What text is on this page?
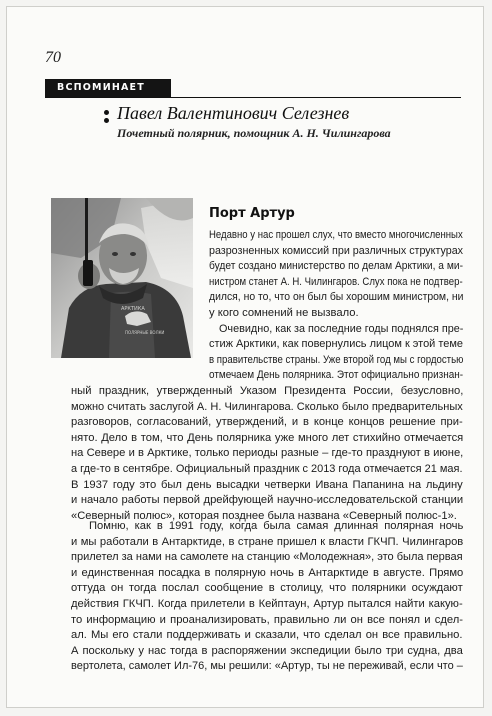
70
ВСПОМИНАЕТ
Павел Валентинович Селезнев
Почетный полярник, помощник А. Н. Чилингарова
АРКТИКА
ПОЛЯРНЫЕ ВОЛКИ
Порт Артур
Недавно у нас прошел слух, что вместо многочисленных
разрозненных комиссий при различных структурах
будет создано министерство по делам Арктики, а ми-
нистром станет А. Н. Чилингаров. Слух пока не подтвер-
дился, но то, что он был бы хорошим министром, ни
у кого сомнений не вызвало.
Очевидно, как за последние годы поднялся пре-
стиж Арктики, как повернулись лицом к этой теме
в правительстве страны. Уже второй год мы с гордостью
отмечаем День полярника. Этот официально признан-
ный праздник, утвержденный Указом Президента России, безусловно,
можно считать заслугой А. Н. Чилингарова. Сколько было предварительных
разговоров, согласований, утверждений, и в конце концов решение при-
нято. Дело в том, что День полярника уже много лет стихийно отмечается
на Севере и в Арктике, только периоды разные – где-то празднуют в июне,
а где-то в сентябре. Официальный праздник с 2013 года отмечается 21 мая.
В 1937 году это был день высадки четверки Ивана Папанина на льдину
и начало работы первой дрейфующей научно-исследовательской станции
«Северный полюс», которая позднее была названа «Северный полюс-1».
Помню, как в 1991 году, когда была самая длинная полярная ночь
и мы работали в Антарктиде, в стране пришел к власти ГКЧП. Чилингаров
прилетел за нами на самолете на станцию «Молодежная», это была первая
и единственная посадка в полярную ночь в Антарктиде в августе. Прямо
оттуда он тогда послал сообщение в столицу, что полярники осуждают
действия ГКЧП. Когда прилетели в Кейптаун, Артур пытался найти какую-
то информацию и проанализировать, правильно ли он все понял и сдел-
ал. Мы его стали поддерживать и сказали, что сделал он все правильно.
А поскольку у нас тогда в распоряжении экспедиции было три судна, два
вертолета, самолет Ил-76, мы решили: «Артур, ты не переживай, если что –
